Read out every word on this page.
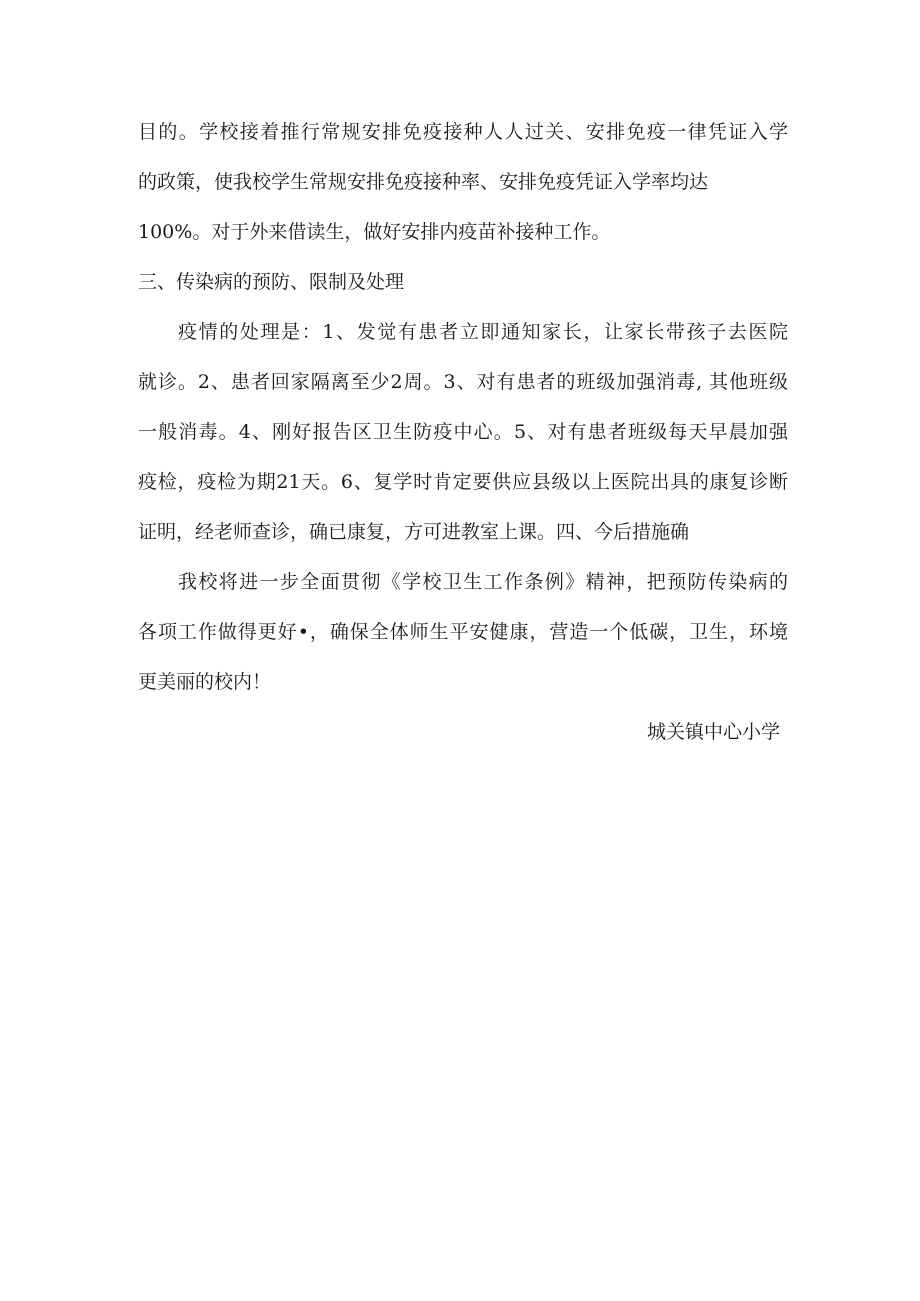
目的。学校接着推行常规安排免疫接种人人过关、安排免疫一律凭证入学
的政策，使我校学生常规安排免疫接种率、安排免疫凭证入学率均达
100%。对于外来借读生，做好安排内疫苗补接种工作。
三、传染病的预防、限制及处理
疫情的处理是：1、发觉有患者立即通知家长，让家长带孩子去医院
就诊。2、患者回家隔离至少2周。3、对有患者的班级加强消毒, 其他班级
一般消毒。4、刚好报告区卫生防疫中心。5、对有患者班级每天早晨加强
疫检，疫检为期21天。6、复学时肯定要供应县级以上医院出具的康复诊断
证明，经老师查诊，确已康复，方可进教室上课。四、今后措施确
我校将进一步全面贯彻《学校卫生工作条例》精神，把预防传染病的
各项工作做得更好•，确保全体师生平安健康，营造一个低碳，卫生，环境
更美丽的校内！
城关镇中心小学
